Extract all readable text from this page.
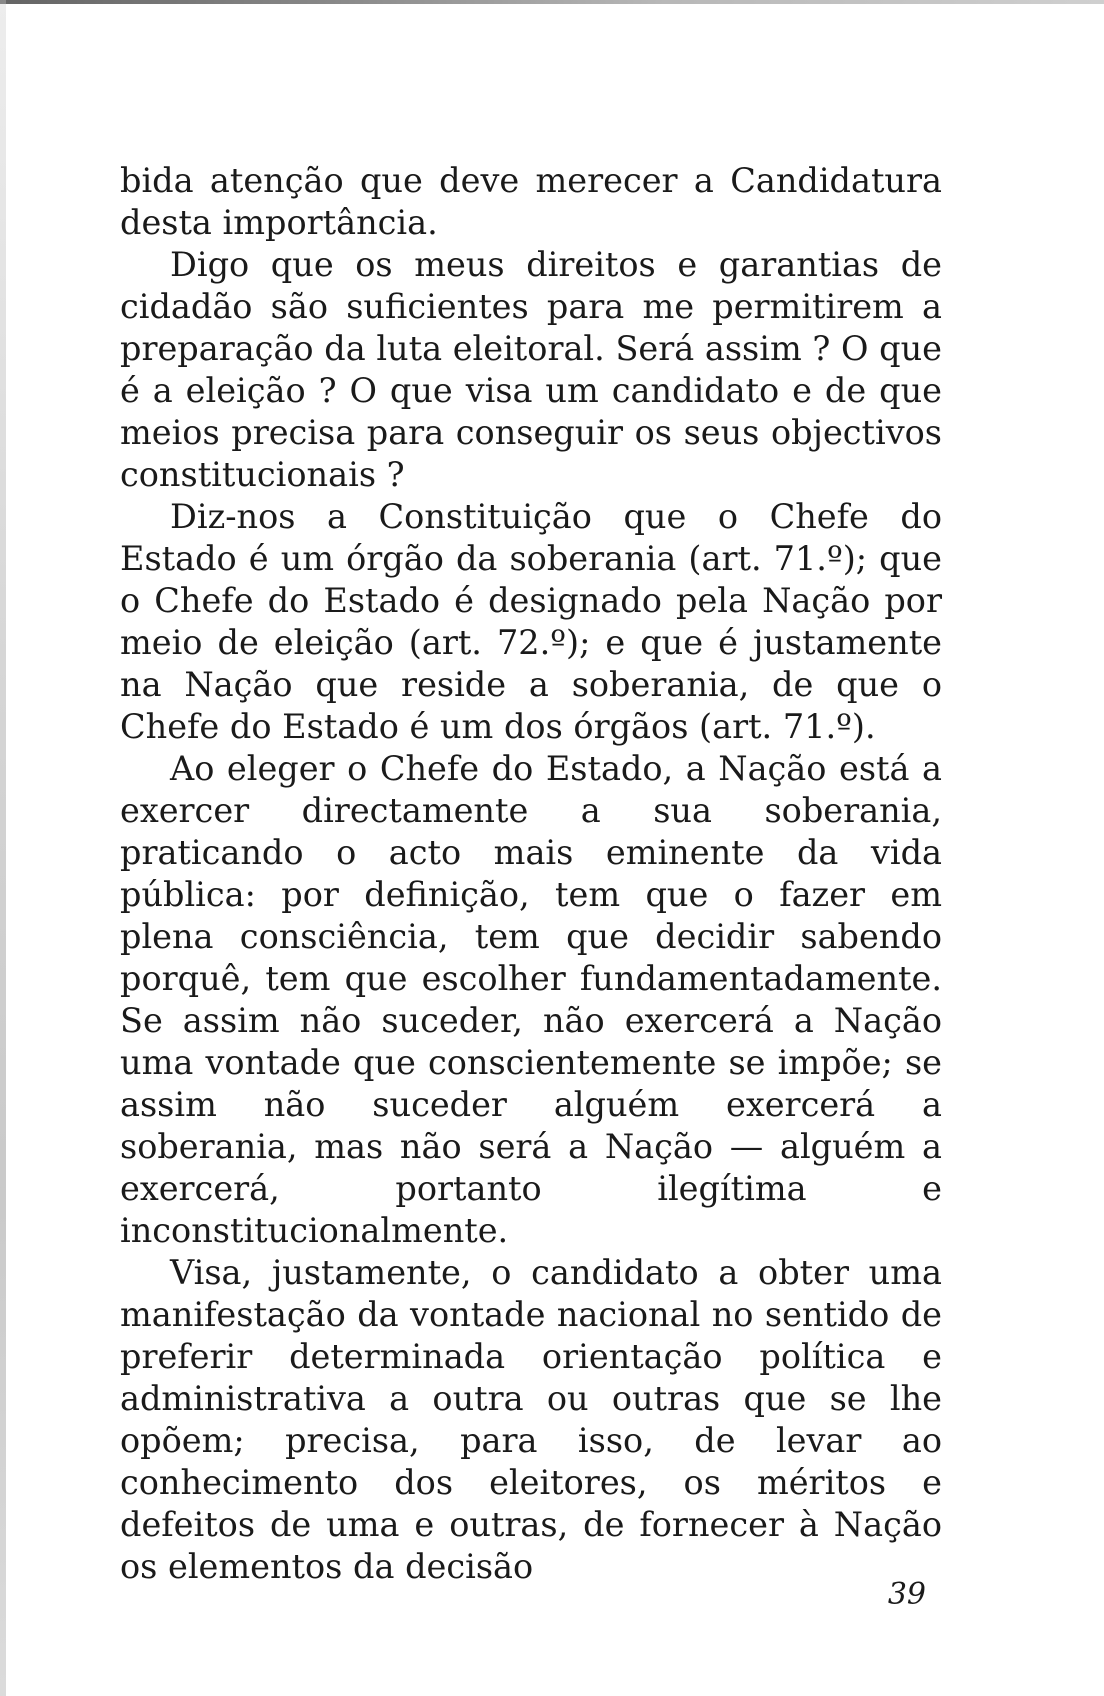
bida atenção que deve merecer a Candidatura desta importância.

Digo que os meus direitos e garantias de cidadão são suficientes para me permitirem a preparação da luta eleitoral. Será assim ? O que é a eleição ? O que visa um candidato e de que meios precisa para conseguir os seus objectivos constitucionais ?

Diz-nos a Constituição que o Chefe do Estado é um órgão da soberania (art. 71.º); que o Chefe do Estado é designado pela Nação por meio de eleição (art. 72.º); e que é justamente na Nação que reside a soberania, de que o Chefe do Estado é um dos órgãos (art. 71.º).

Ao eleger o Chefe do Estado, a Nação está a exercer directamente a sua soberania, praticando o acto mais eminente da vida pública: por definição, tem que o fazer em plena consciência, tem que decidir sabendo porquê, tem que escolher fundamentadamente. Se assim não suceder, não exercerá a Nação uma vontade que conscientemente se impõe; se assim não suceder alguém exercerá a soberania, mas não será a Nação — alguém a exercerá, portanto ilegítima e inconstitucionalmente.

Visa, justamente, o candidato a obter uma manifestação da vontade nacional no sentido de preferir determinada orientação política e administrativa a outra ou outras que se lhe opõem; precisa, para isso, de levar ao conhecimento dos eleitores, os méritos e defeitos de uma e outras, de fornecer à Nação os elementos da decisão

39
